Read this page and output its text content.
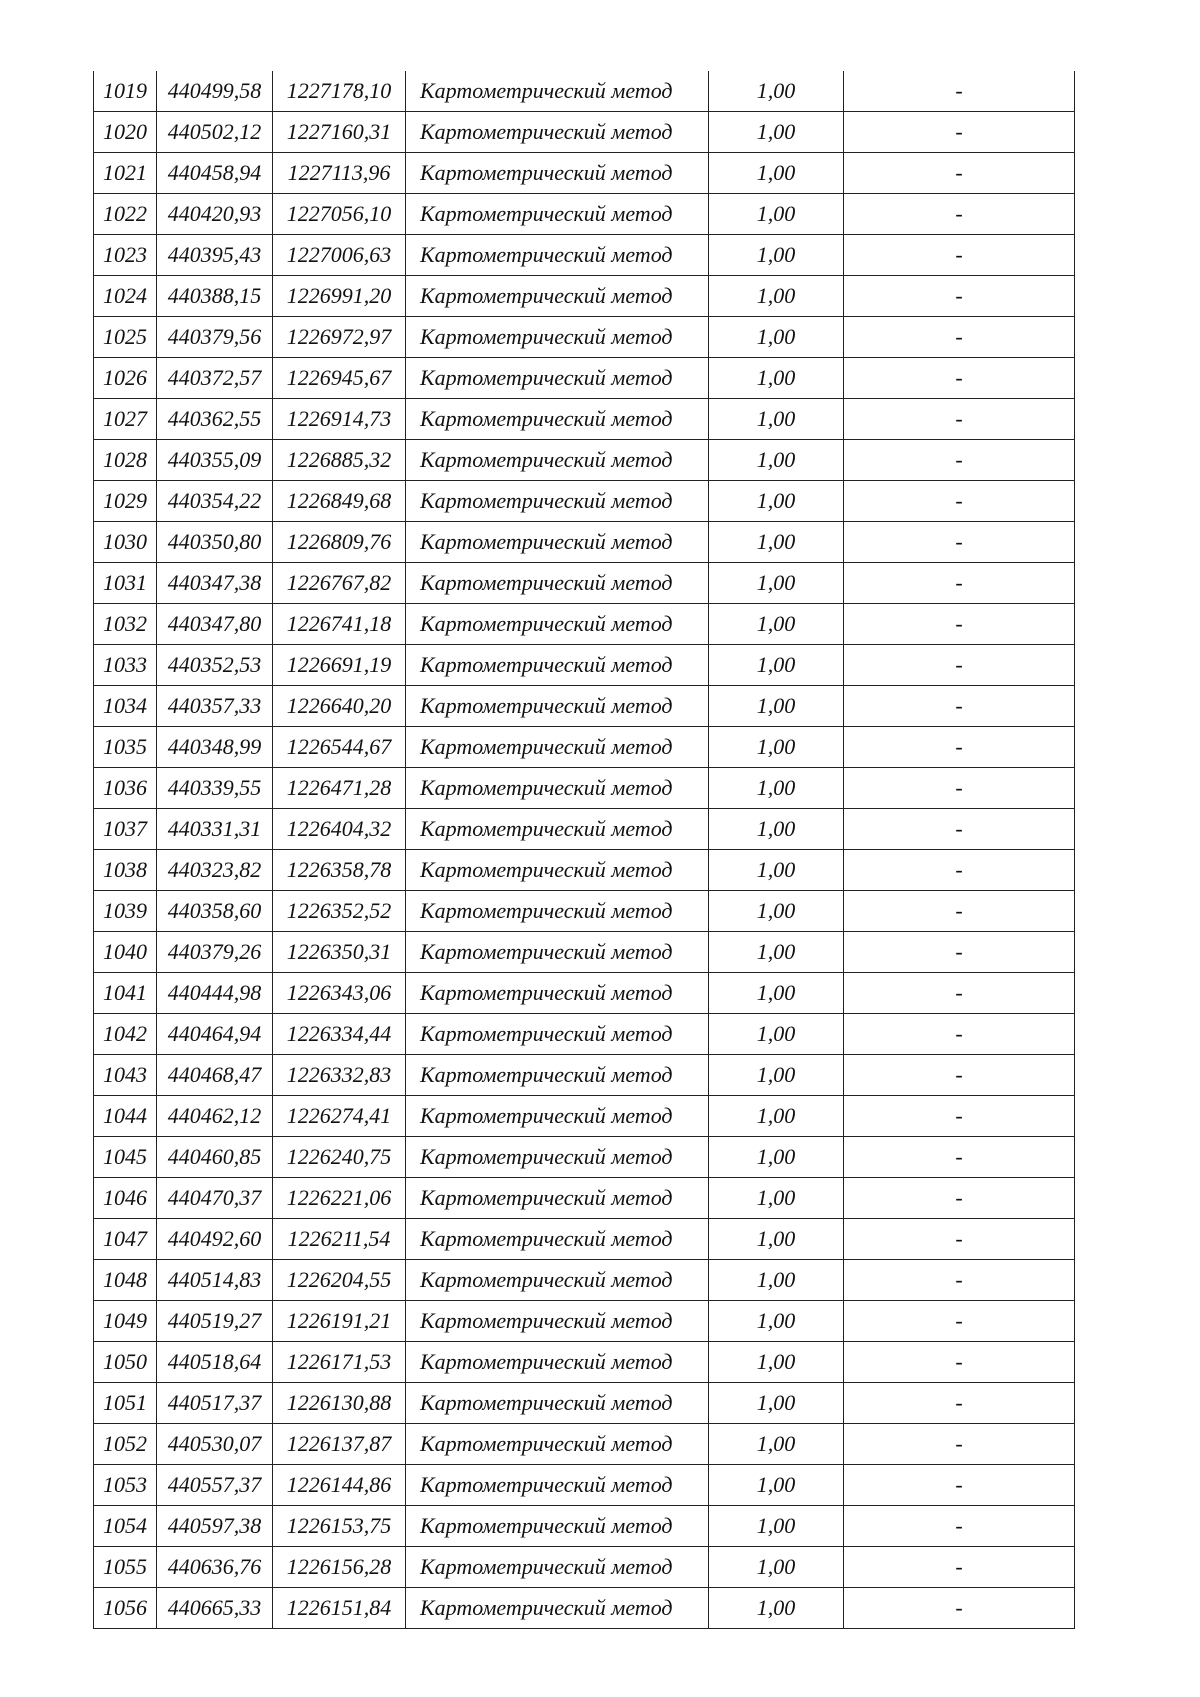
1019	440499,58	1227178,10	Картометрический метод	1,00	-
1020	440502,12	1227160,31	Картометрический метод	1,00	-
1021	440458,94	1227113,96	Картометрический метод	1,00	-
1022	440420,93	1227056,10	Картометрический метод	1,00	-
1023	440395,43	1227006,63	Картометрический метод	1,00	-
1024	440388,15	1226991,20	Картометрический метод	1,00	-
1025	440379,56	1226972,97	Картометрический метод	1,00	-
1026	440372,57	1226945,67	Картометрический метод	1,00	-
1027	440362,55	1226914,73	Картометрический метод	1,00	-
1028	440355,09	1226885,32	Картометрический метод	1,00	-
1029	440354,22	1226849,68	Картометрический метод	1,00	-
1030	440350,80	1226809,76	Картометрический метод	1,00	-
1031	440347,38	1226767,82	Картометрический метод	1,00	-
1032	440347,80	1226741,18	Картометрический метод	1,00	-
1033	440352,53	1226691,19	Картометрический метод	1,00	-
1034	440357,33	1226640,20	Картометрический метод	1,00	-
1035	440348,99	1226544,67	Картометрический метод	1,00	-
1036	440339,55	1226471,28	Картометрический метод	1,00	-
1037	440331,31	1226404,32	Картометрический метод	1,00	-
1038	440323,82	1226358,78	Картометрический метод	1,00	-
1039	440358,60	1226352,52	Картометрический метод	1,00	-
1040	440379,26	1226350,31	Картометрический метод	1,00	-
1041	440444,98	1226343,06	Картометрический метод	1,00	-
1042	440464,94	1226334,44	Картометрический метод	1,00	-
1043	440468,47	1226332,83	Картометрический метод	1,00	-
1044	440462,12	1226274,41	Картометрический метод	1,00	-
1045	440460,85	1226240,75	Картометрический метод	1,00	-
1046	440470,37	1226221,06	Картометрический метод	1,00	-
1047	440492,60	1226211,54	Картометрический метод	1,00	-
1048	440514,83	1226204,55	Картометрический метод	1,00	-
1049	440519,27	1226191,21	Картометрический метод	1,00	-
1050	440518,64	1226171,53	Картометрический метод	1,00	-
1051	440517,37	1226130,88	Картометрический метод	1,00	-
1052	440530,07	1226137,87	Картометрический метод	1,00	-
1053	440557,37	1226144,86	Картометрический метод	1,00	-
1054	440597,38	1226153,75	Картометрический метод	1,00	-
1055	440636,76	1226156,28	Картометрический метод	1,00	-
1056	440665,33	1226151,84	Картометрический метод	1,00	-
